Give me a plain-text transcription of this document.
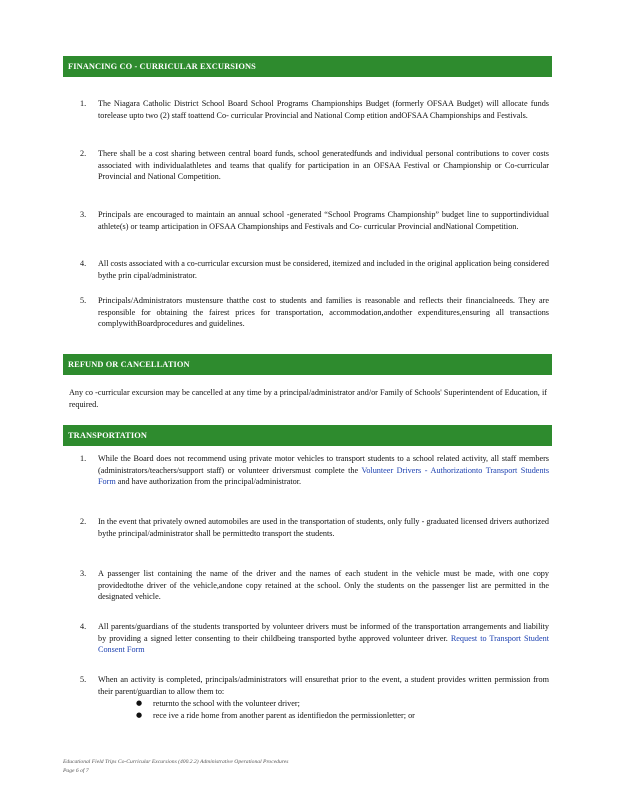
FINANCING CO - CURRICULAR EXCURSIONS
1.	The Niagara Catholic District School Board School Programs Championships Budget (formerly OFSAA Budget) will allocate funds torelease upto two (2) staff toattend Co- curricular Provincial and National Comp etition andOFSAA Championships and Festivals.
2.	There shall be a cost sharing between central board funds, school generatedfunds and individual personal contributions to cover costs associated with individualathletes and teams that qualify for participation in an OFSAA Festival or Championship or Co-curricular Provincial and National Competition.
3.	Principals are encouraged to maintain an annual school -generated “School Programs Championship” budget line to supportindividual athlete(s) or teamp articipation in OFSAA Championships and Festivals and Co- curricular Provincial andNational Competition.
4.	All costs associated with a co-curricular excursion must be considered, itemized and included in the original application being considered bythe prin cipal/administrator.
5.	Principals/Administrators mustensure thatthe cost to students and families is reasonable and reflects their financialneeds. They are responsible for obtaining the fairest prices for transportation, accommodation,andother expenditures,ensuring all transactions complywithBoardprocedures and guidelines.
REFUND OR CANCELLATION
Any co -curricular excursion may be cancelled at any time by a principal/administrator and/or Family of Schools' Superintendent of Education, if required.
TRANSPORTATION
1.	While the Board does not recommend using private motor vehicles to transport students to a school related activity, all staff members (administrators/teachers/support staff) or volunteer driversmust complete the Volunteer Drivers - Authorizationto Transport Students Form and have authorization from the principal/administrator.
2.	In the event that privately owned automobiles are used in the transportation of students, only fully - graduated licensed drivers authorized bythe principal/administrator shall be permittedto transport the students.
3.	A passenger list containing the name of the driver and the names of each student in the vehicle must be made, with one copy providedtothe driver of the vehicle,andone copy retained at the school. Only the students on the passenger list are permitted in the designated vehicle.
4.	All parents/guardians of the students transported by volunteer drivers must be informed of the transportation arrangements and liability by providing a signed letter consenting to their childbeing transported bythe approved volunteer driver. Request to Transport Student Consent Form
5.	When an activity is completed, principals/administrators will ensurethat prior to the event, a student provides written permission from their parent/guardian to allow them to:
● returnto the school with the volunteer driver;
● rece ive a ride home from another parent as identifiedon the permissionletter; or
Educational Field Trips Co-Curricular Excursions (400.2.2) Administrative Operational Procedures
Page 6 of 7
